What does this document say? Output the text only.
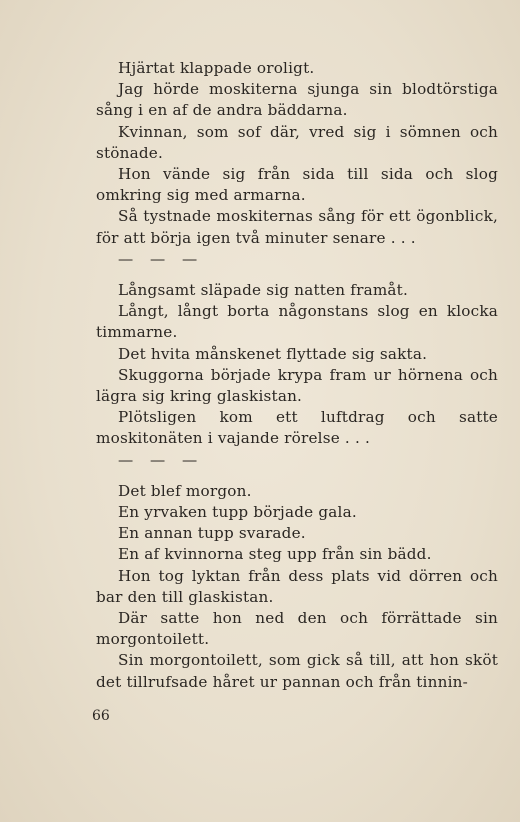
Hjärtat klappade oroligt.

Jag hörde moskiterna sjunga sin blodtörstiga sång i en af de andra bäddarna.

Kvinnan, som sof där, vred sig i sömnen och stönade.

Hon vände sig från sida till sida och slog omkring sig med armarna.

Så tystnade moskiternas sång för ett ögonblick, för att börja igen två minuter senare . . .

— — —

Långsamt släpade sig natten framåt.

Långt, långt borta någonstans slog en klocka timmarne.

Det hvita månskenet flyttade sig sakta.

Skuggorna började krypa fram ur hörnena och lägra sig kring glaskistan.

Plötsligen kom ett luftdrag och satte moskitonäten i vajande rörelse . . .

— — —

Det blef morgon.

En yrvaken tupp började gala.

En annan tupp svarade.

En af kvinnorna steg upp från sin bädd.

Hon tog lyktan från dess plats vid dörren och bar den till glaskistan.

Där satte hon ned den och förrättade sin morgontoilett.

Sin morgontoilett, som gick så till, att hon sköt det tillrufsade håret ur pannan och från tinnin-

66
